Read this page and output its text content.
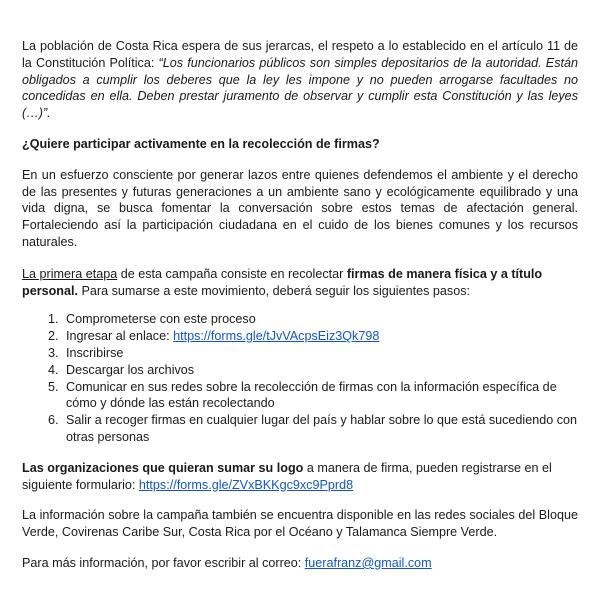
La población de Costa Rica espera de sus jerarcas, el respeto a lo establecido en el artículo 11 de la Constitución Política: “Los funcionarios públicos son simples depositarios de la autoridad. Están obligados a cumplir los deberes que la ley les impone y no pueden arrogarse facultades no concedidas en ella. Deben prestar juramento de observar y cumplir esta Constitución y las leyes (…)”.

¿Quiere participar activamente en la recolección de firmas?

En un esfuerzo consciente por generar lazos entre quienes defendemos el ambiente y el derecho de las presentes y futuras generaciones a un ambiente sano y ecológicamente equilibrado y una vida digna, se busca fomentar la conversación sobre estos temas de afectación general. Fortaleciendo así la participación ciudadana en el cuido de los bienes comunes y los recursos naturales.

La primera etapa de esta campaña consiste en recolectar firmas de manera física y a título personal. Para sumarse a este movimiento, deberá seguir los siguientes pasos:

1. Comprometerse con este proceso
2. Ingresar al enlace: https://forms.gle/tJvVAcpsEiz3Qk798
3. Inscribirse
4. Descargar los archivos
5. Comunicar en sus redes sobre la recolección de firmas con la información específica de cómo y dónde las están recolectando
6. Salir a recoger firmas en cualquier lugar del país y hablar sobre lo que está sucediendo con otras personas

Las organizaciones que quieran sumar su logo a manera de firma, pueden registrarse en el siguiente formulario: https://forms.gle/ZVxBKKgc9xc9Pprd8

La información sobre la campaña también se encuentra disponible en las redes sociales del Bloque Verde, Covirenas Caribe Sur, Costa Rica por el Océano y Talamanca Siempre Verde.

Para más información, por favor escribir al correo: fuerafranz@gmail.com
